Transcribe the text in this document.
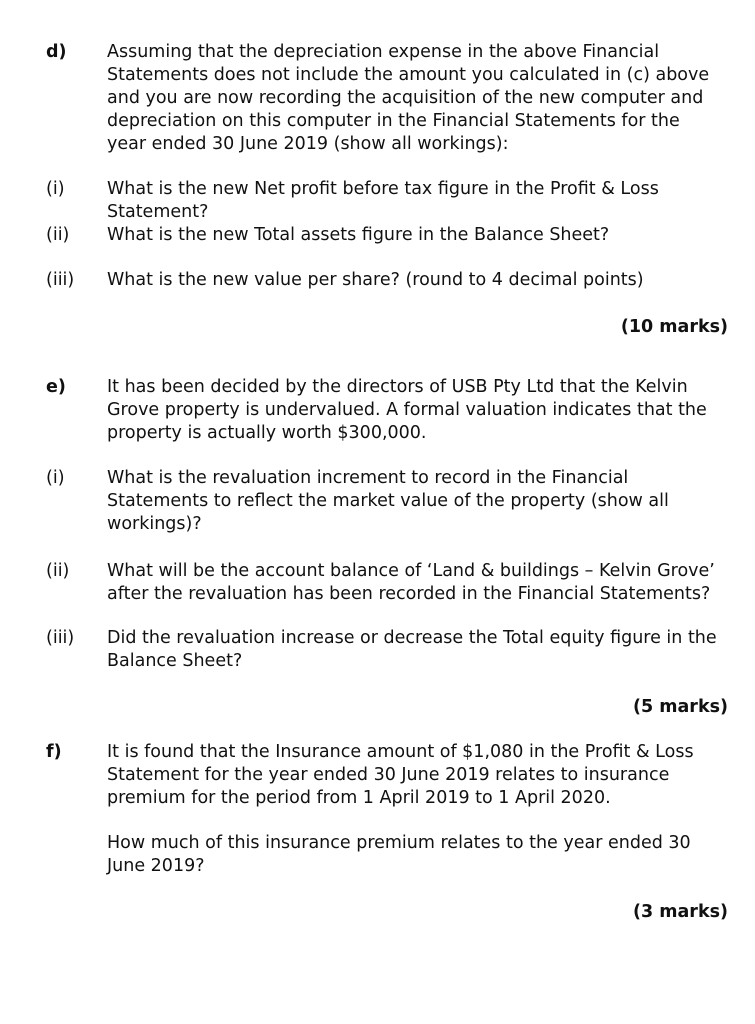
d) Assuming that the depreciation expense in the above Financial
Statements does not include the amount you calculated in (c) above
and you are now recording the acquisition of the new computer and
depreciation on this computer in the Financial Statements for the
year ended 30 June 2019 (show all workings):
(i) What is the new Net profit before tax figure in the Profit & Loss
Statement?
(ii) What is the new Total assets figure in the Balance Sheet?
(iii) What is the new value per share? (round to 4 decimal points)
(10 marks)
e) It has been decided by the directors of USB Pty Ltd that the Kelvin
Grove property is undervalued. A formal valuation indicates that the
property is actually worth $300,000.
(i) What is the revaluation increment to record in the Financial
Statements to reflect the market value of the property (show all
workings)?
(ii) What will be the account balance of ‘Land & buildings – Kelvin Grove’
after the revaluation has been recorded in the Financial Statements?
(iii) Did the revaluation increase or decrease the Total equity figure in the
Balance Sheet?
(5 marks)
f)	It is found that the Insurance amount of $1,080 in the Profit & Loss
Statement for the year ended 30 June 2019 relates to insurance
premium for the period from 1 April 2019 to 1 April 2020.
How much of this insurance premium relates to the year ended 30
June 2019?
(3 marks)
